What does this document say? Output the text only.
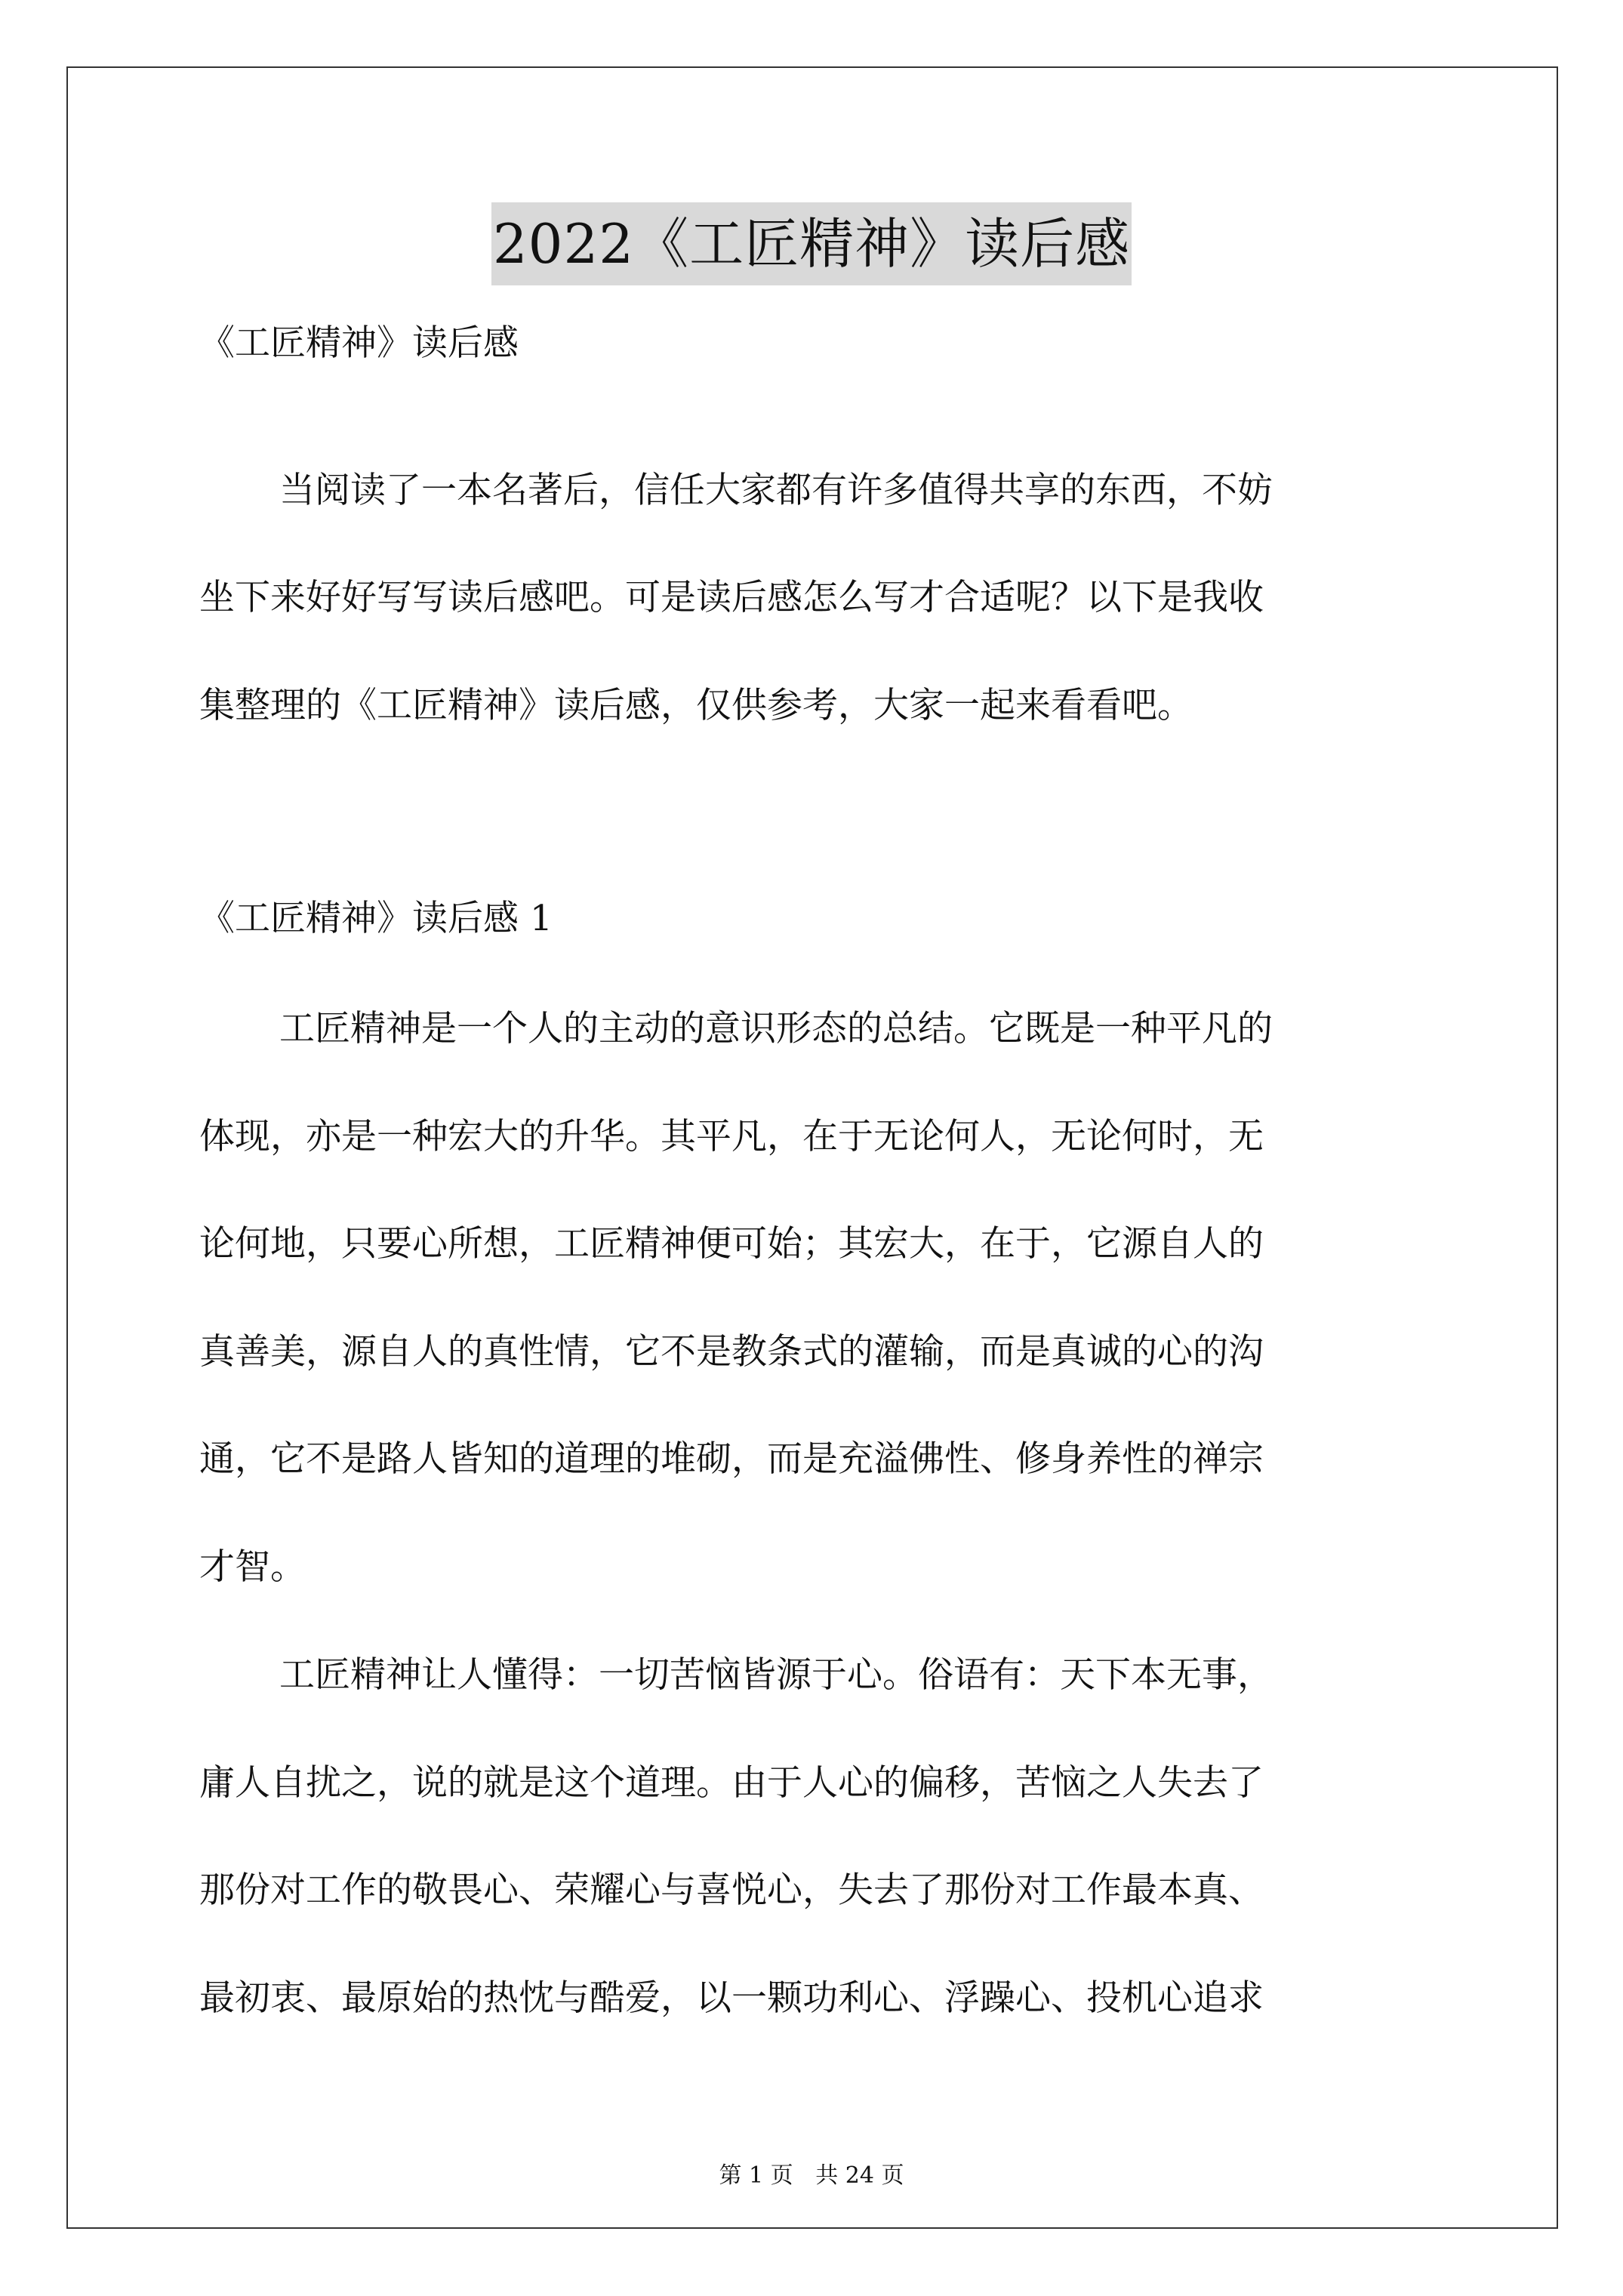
2022《工匠精神》读后感
《工匠精神》读后感
当阅读了一本名著后，信任大家都有许多值得共享的东西，不妨
坐下来好好写写读后感吧。可是读后感怎么写才合适呢？以下是我收
集整理的《工匠精神》读后感，仅供参考，大家一起来看看吧。
《工匠精神》读后感 1
工匠精神是一个人的主动的意识形态的总结。它既是一种平凡的
体现，亦是一种宏大的升华。其平凡，在于无论何人，无论何时，无
论何地，只要心所想，工匠精神便可始；其宏大，在于，它源自人的
真善美，源自人的真性情，它不是教条式的灌输，而是真诚的心的沟
通，它不是路人皆知的道理的堆砌，而是充溢佛性、修身养性的禅宗
才智。
工匠精神让人懂得：一切苦恼皆源于心。俗语有：天下本无事，
庸人自扰之，说的就是这个道理。由于人心的偏移，苦恼之人失去了
那份对工作的敬畏心、荣耀心与喜悦心，失去了那份对工作最本真、
最初衷、最原始的热忱与酷爱，以一颗功利心、浮躁心、投机心追求
第 1 页 共 24 页
